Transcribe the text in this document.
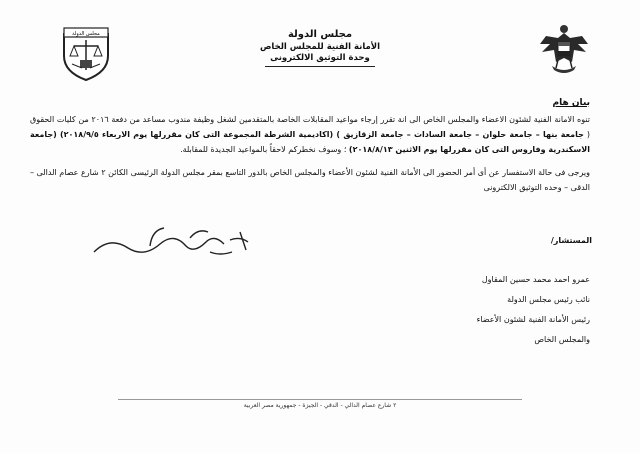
مجلس الدولة
الأمانة الفنية للمجلس الخاص
وحدة التوثيق الالكترونى
مجلس الدولة
بيان هام

تنوه الامانة الفنية لشئون الاعضاء والمجلس الخاص الى انة تقرر إرجاء مواعيد المقابلات الخاصة بالمتقدمين لشغل وظيفة مندوب مساعد من دفعة ٢٠١٦ من كليات الحقوق ( جامعة بنها – جامعة حلوان – جامعة السادات – جامعة الزقازيق ) (اكاديمية الشرطة المجموعة التى كان مقررلها يوم الاربعاء ٢٠١٨/٩/٥) (جامعة الاسكندرية وفاروس التى كان مقررلها يوم الاثنين ٢٠١٨/٨/١٣) ؛ وسوف نخطركم لاحقاً بالمواعيد الجديدة للمقابلة.

ويرجى فى حالة الاستفسار عن أى أمر الحضور الى الأمانة الفنية لشئون الأعضاء والمجلس الخاص بالدور التاسع بمقر مجلس الدولة الرئيسى الكائن ٢ شارع عصام الدالى – الدقى – وحده التوثيق الالكترونى

المستشار/
عمرو احمد محمد حسين المقاول
نائب رئيس مجلس الدولة
رئيس الأمانة الفنية لشئون الأعضاء
والمجلس الخاص
٢ شارع عصام الدالي - الدقي - الجيزة - جمهورية مصر العربية
